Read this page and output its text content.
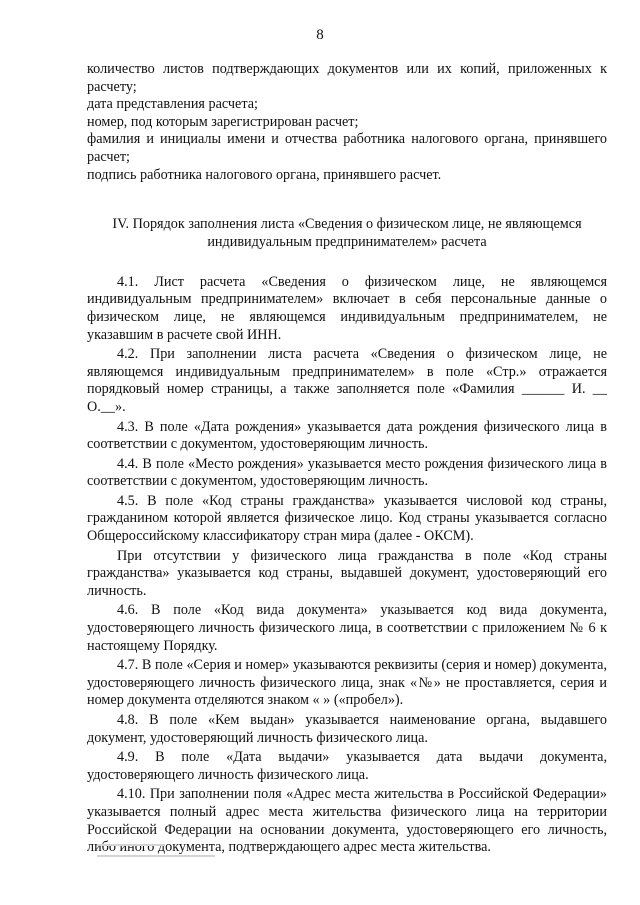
8

количество листов подтверждающих документов или их копий, приложенных к расчету;

дата представления расчета;

номер, под которым зарегистрирован расчет;

фамилия и инициалы имени и отчества работника налогового органа, принявшего расчет;

подпись работника налогового органа, принявшего расчет.

IV. Порядок заполнения листа «Сведения о физическом лице, не являющемся индивидуальным предпринимателем» расчета

4.1. Лист расчета «Сведения о физическом лице, не являющемся индивидуальным предпринимателем» включает в себя персональные данные о физическом лице, не являющемся индивидуальным предпринимателем, не указавшим в расчете свой ИНН.

4.2. При заполнении листа расчета «Сведения о физическом лице, не являющемся индивидуальным предпринимателем» в поле «Стр.» отражается порядковый номер страницы, а также заполняется поле «Фамилия ______ И. __ О.__».

4.3. В поле «Дата рождения» указывается дата рождения физического лица в соответствии с документом, удостоверяющим личность.

4.4. В поле «Место рождения» указывается место рождения физического лица в соответствии с документом, удостоверяющим личность.

4.5. В поле «Код страны гражданства» указывается числовой код страны, гражданином которой является физическое лицо. Код страны указывается согласно Общероссийскому классификатору стран мира (далее - ОКСМ).

При отсутствии у физического лица гражданства в поле «Код страны гражданства» указывается код страны, выдавшей документ, удостоверяющий его личность.

4.6. В поле «Код вида документа» указывается код вида документа, удостоверяющего личность физического лица, в соответствии с приложением № 6 к настоящему Порядку.

4.7. В поле «Серия и номер» указываются реквизиты (серия и номер) документа, удостоверяющего личность физического лица, знак «№» не проставляется, серия и номер документа отделяются знаком « » («пробел»).

4.8. В поле «Кем выдан» указывается наименование органа, выдавшего документ, удостоверяющий личность физического лица.

4.9. В поле «Дата выдачи» указывается дата выдачи документа, удостоверяющего личность физического лица.

4.10. При заполнении поля «Адрес места жительства в Российской Федерации» указывается полный адрес места жительства физического лица на территории Российской Федерации на основании документа, удостоверяющего его личность, либо иного документа, подтверждающего адрес места жительства.
